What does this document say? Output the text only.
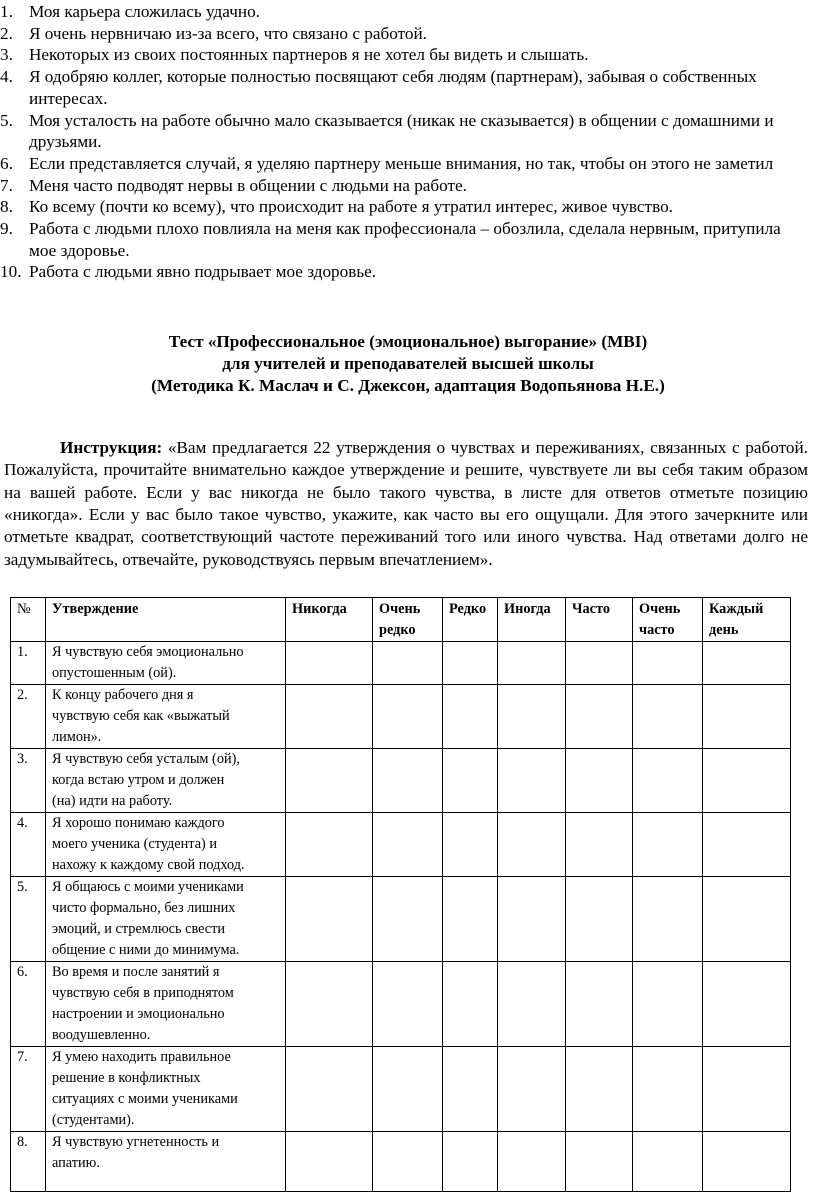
1. Моя карьера сложилась удачно.
2. Я очень нервничаю из-за всего, что связано с работой.
3. Некоторых из своих постоянных партнеров я не хотел бы видеть и слышать.
4. Я одобряю коллег, которые полностью посвящают себя людям (партнерам), забывая о собственных интересах.
5. Моя усталость на работе обычно мало сказывается (никак не сказывается) в общении с домашними и друзьями.
6. Если представляется случай, я уделяю партнеру меньше внимания, но так, чтобы он этого не заметил
7. Меня часто подводят нервы в общении с людьми на работе.
8. Ко всему (почти ко всему), что происходит на работе я утратил интерес, живое чувство.
9. Работа с людьми плохо повлияла на меня как профессионала – обозлила, сделала нервным, притупила мое здоровье.
10. Работа с людьми явно подрывает мое здоровье.
Тест «Профессиональное (эмоциональное) выгорание» (MBI)
для учителей и преподавателей высшей школы
(Методика К. Маслач и С. Джексон, адаптация Водопьянова Н.Е.)

Инструкция: «Вам предлагается 22 утверждения о чувствах и переживаниях, связанных с работой. Пожалуйста, прочитайте внимательно каждое утверждение и решите, чувствуете ли вы себя таким образом на вашей работе. Если у вас никогда не было такого чувства, в листе для ответов отметьте позицию «никогда». Если у вас было такое чувство, укажите, как часто вы его ощущали. Для этого зачеркните или отметьте квадрат, соответствующий частоте переживаний того или иного чувства. Над ответами долго не задумывайтесь, отвечайте, руководствуясь первым впечатлением».

№	Утверждение	Никогда	Очень редко	Редко	Иногда	Часто	Очень часто	Каждый день
1.	Я чувствую себя эмоционально
опустошенным (ой).							
2.	К концу рабочего дня я
чувствую себя как «выжатый
лимон».							
3.	Я чувствую себя усталым (ой),
когда встаю утром и должен
(на) идти на работу.							
4.	Я хорошо понимаю каждого
моего ученика (студента) и
нахожу к каждому свой подход.							
5.	Я общаюсь с моими учениками
чисто формально, без лишних
эмоций, и стремлюсь свести
общение с ними до минимума.							
6.	Во время и после занятий я
чувствую себя в приподнятом
настроении и эмоционально
воодушевленно.							
7.	Я умею находить правильное
решение в конфликтных
ситуациях с моими учениками
(студентами).							
8.	Я чувствую угнетенность и
апатию.							
